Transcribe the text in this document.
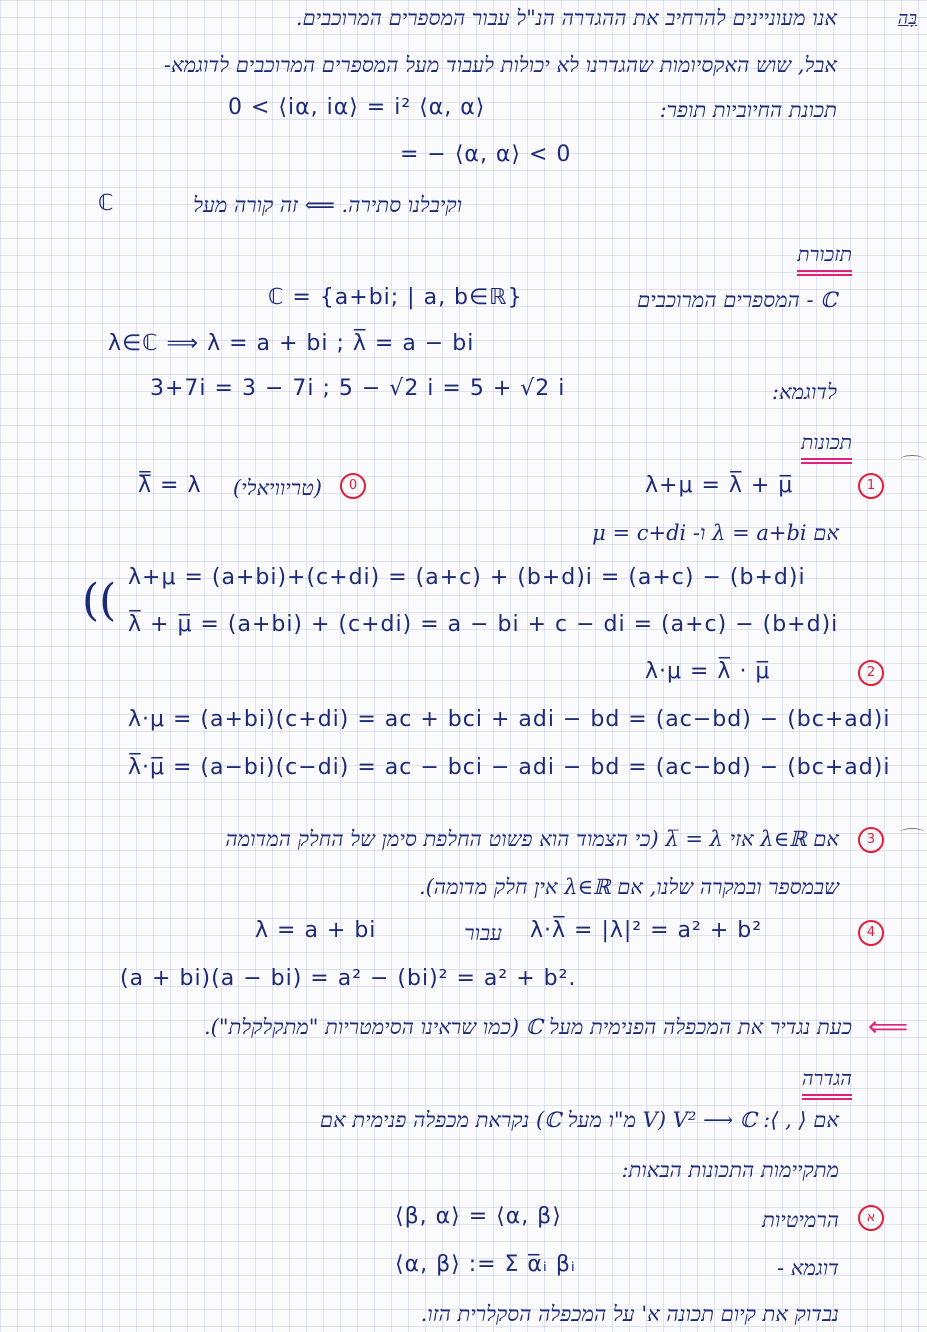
בָּה
אנו מעוניינים להרחיב את ההגדרה הנ"ל עבור המספרים המרוכבים.
אבל, שוש האקסיומות שהגדרנו לא יכולות לעבוד מעל המספרים המרוכבים לדוגמא-
תכונת החיוביות תופר:
0 < ⟨iα, iα⟩ = i² ⟨α, α⟩
= − ⟨α, α⟩ < 0
וקיבלנו סתירה. ⟸ זה קורה מעל
ℂ
תזכורת
ℂ - המספרים המרוכבים
ℂ = {a+bi; | a, b∈ℝ}
λ∈ℂ ⟹ λ = a + bi ; λ̅ = a − bi
לדוגמא:
3+7i = 3 − 7i ; 5 − √2 i = 5 + √2 i
תכונות
1
λ+μ = λ̅ + μ̅
0
(טריוויאלי)
λ̿ = λ
אם λ = a+bi ו- μ = c+di
(( λ+μ = (a+bi)+(c+di) = (a+c) + (b+d)i = (a+c) − (b+d)i
λ̅ + μ̅ = (a+bi) + (c+di) = a − bi + c − di = (a+c) − (b+d)i
2
λ·μ = λ̅ · μ̅
λ·μ = (a+bi)(c+di) = ac + bci + adi − bd = (ac−bd) − (bc+ad)i
λ̅·μ̅ = (a−bi)(c−di) = ac − bci − adi − bd = (ac−bd) − (bc+ad)i
3
אם λ∈ℝ אזי λ̅ = λ (כי הצמוד הוא פשוט החלפת סימן של החלק המדומה
שבמספר ובמקרה שלנו, אם λ∈ℝ אין חלק מדומה).
4
λ·λ̅ = |λ|² = a² + b²
עבור
λ = a + bi
(a + bi)(a − bi) = a² − (bi)² = a² + b².
⟸
כעת נגדיר את המכפלה הפנימית מעל ℂ (כמו שראינו הסימטריות "מתקלקלת").
הגדרה
אם ⟨ , ⟩: V² ⟶ ℂ (V מ"ו מעל ℂ) נקראת מכפלה פנימית אם
מתקיימות התכונות הבאות:
א
הרמיטיות
⟨β, α⟩ = ⟨α, β⟩
דוגמא -
⟨α, β⟩ := Σ α̅ᵢ βᵢ
נבדוק את קיום תכונה א' על המכפלה הסקלרית הזו.
